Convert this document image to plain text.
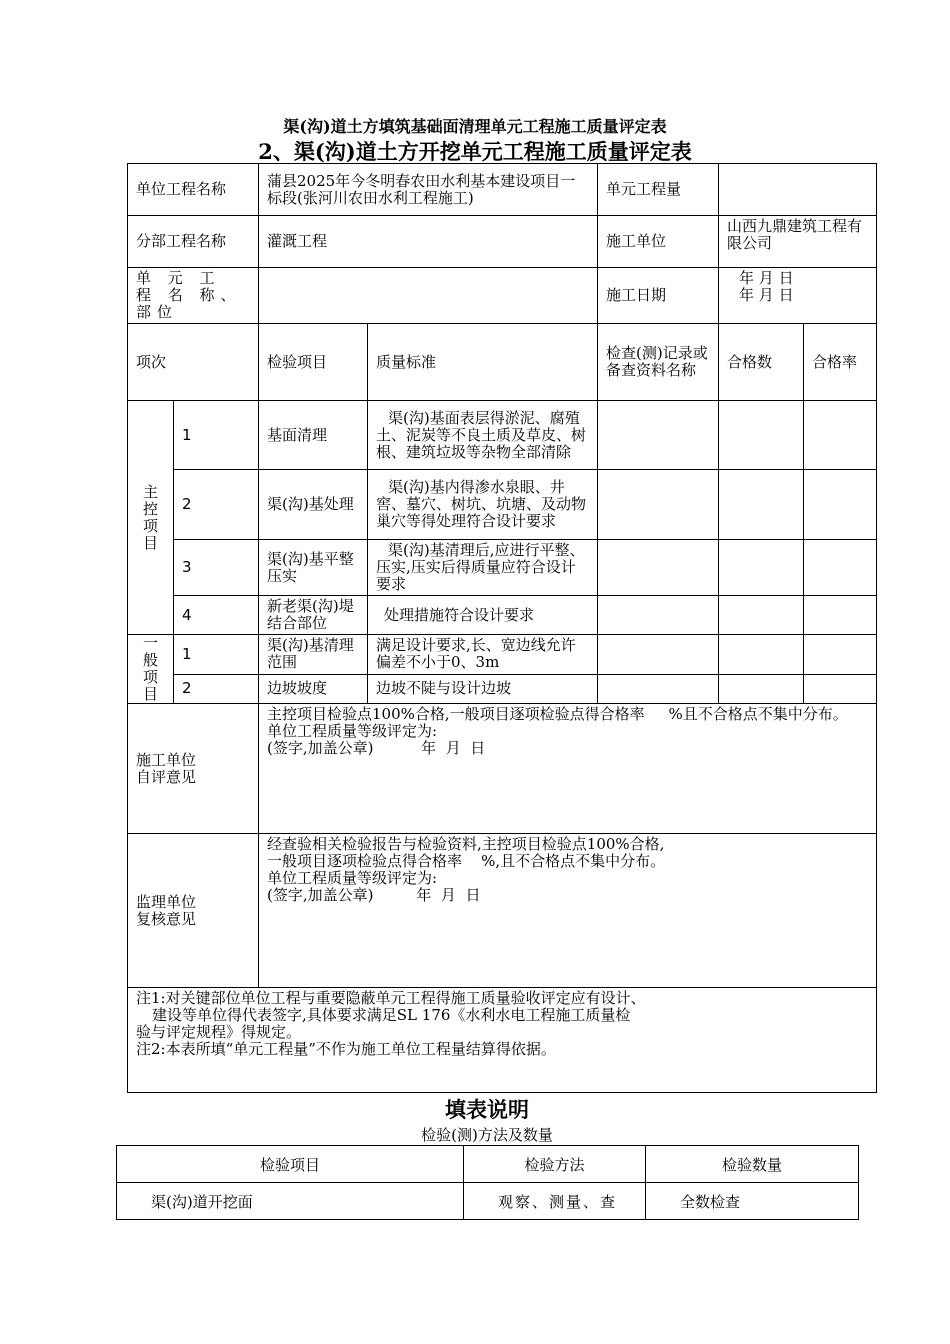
渠(沟)道土方填筑基础面清理单元工程施工质量评定表
2、渠(沟)道土方开挖单元工程施工质量评定表
单位工程名称		蒲县2025年今冬明春农田水利基本建设项目一标段(张河川农田水利工程施工)		单元工程量		
分部工程名称		灌溉工程		施工单位	山西九鼎建筑工程有限公司	
单 元 工 程 名 称、部位				施工日期	年 月 日
年 月 日	

项次		检验项目	质量标准	检查(测)记录或备查资料名称	合格数	合格率

主
控
项
目	1	基面清理	渠(沟)基面表层得淤泥、腐殖土、泥炭等不良土质及草皮、树根、建筑垃圾等杂物全部清除			
	2	渠(沟)基处理	渠(沟)基内得渗水泉眼、井窖、墓穴、树坑、坑塘、及动物巢穴等得处理符合设计要求			
	3	渠(沟)基平整压实	渠(沟)基清理后,应进行平整、压实,压实后得质量应符合设计要求			
	4	新老渠(沟)堤结合部位	处理措施符合设计要求			

一
般
项
目	1	渠(沟)基清理范围	满足设计要求,长、宽边线允许偏差不小于0、3m			
	2	边坡坡度	边坡不陡与设计边坡			

施工单位
自评意见		主控项目检验点100%合格,一般项目逐项检验点得合格率     %且不合格点不集中分布。
单位工程质量等级评定为:
(签字,加盖公章)          年  月  日				

监理单位
复核意见		经查验相关检验报告与检验资料,主控项目检验点100%合格,
一般项目逐项检验点得合格率    %,且不合格点不集中分布。
单位工程质量等级评定为:
(签字,加盖公章)         年  月  日				

注1:对关键部位单位工程与重要隐蔽单元工程得施工质量验收评定应有设计、
建设等单位得代表签字,具体要求满足SL 176《水利水电工程施工质量检
验与评定规程》得规定。
注2:本表所填“单元工程量”不作为施工单位工程量结算得依据。						
填表说明
检验(测)方法及数量
检验项目	检验方法	检验数量
渠(沟)道开挖面	观察、测量、查	全数检查
